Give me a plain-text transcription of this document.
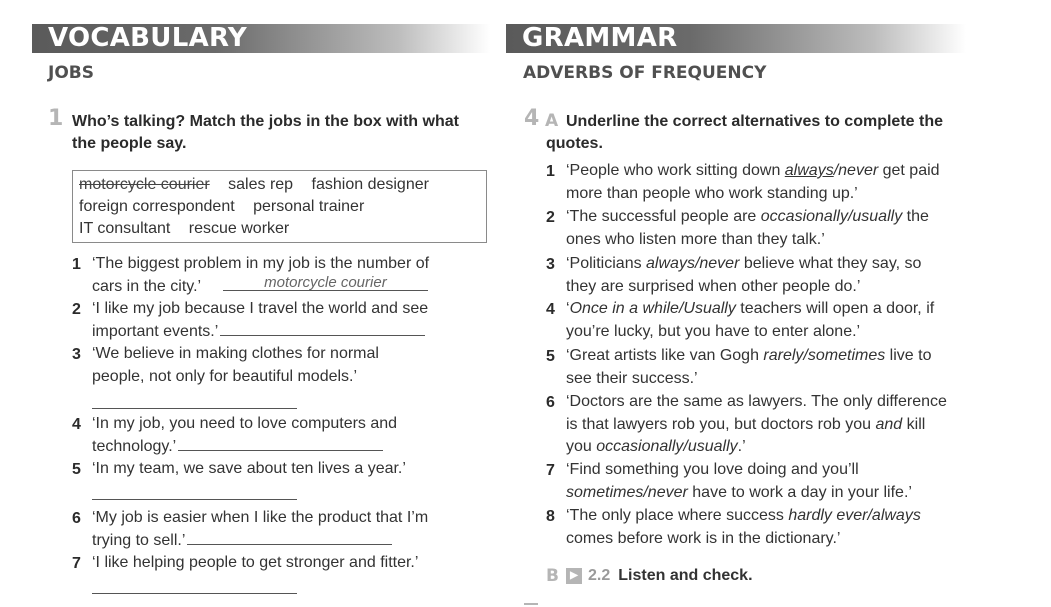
VOCABULARY
JOBS
1 Who’s talking? Match the jobs in the box with what
the people say.
motorcycle courier sales rep fashion designer
foreign correspondent personal trainer
IT consultant rescue worker
1 ‘The biggest problem in my job is the number of
cars in the city.’	motorcycle courier
2 ‘I like my job because I travel the world and see
important events.’
3 ‘We believe in making clothes for normal
people, not only for beautiful models.’
4 ‘In my job, you need to love computers and
technology.’
5 ‘In my team, we save about ten lives a year.’
6 ‘My job is easier when I like the product that I’m
trying to sell.’
7 ‘I like helping people to get stronger and fitter.’
GRAMMAR
ADVERBS OF FREQUENCY
4 A Underline the correct alternatives to complete the
quotes.
1 ‘People who work sitting down always/never get paid
more than people who work standing up.’
2 ‘The successful people are occasionally/usually the
ones who listen more than they talk.’
3 ‘Politicians always/never believe what they say, so
they are surprised when other people do.’
4 ‘Once in a while/Usually teachers will open a door, if
you’re lucky, but you have to enter alone.’
5 ‘Great artists like van Gogh rarely/sometimes live to
see their success.’
6 ‘Doctors are the same as lawyers. The only difference
is that lawyers rob you, but doctors rob you and kill
you occasionally/usually.’
7 ‘Find something you love doing and you’ll
sometimes/never have to work a day in your life.’
8 ‘The only place where success hardly ever/always
comes before work is in the dictionary.’
B	▶ 2.2 Listen and check.
